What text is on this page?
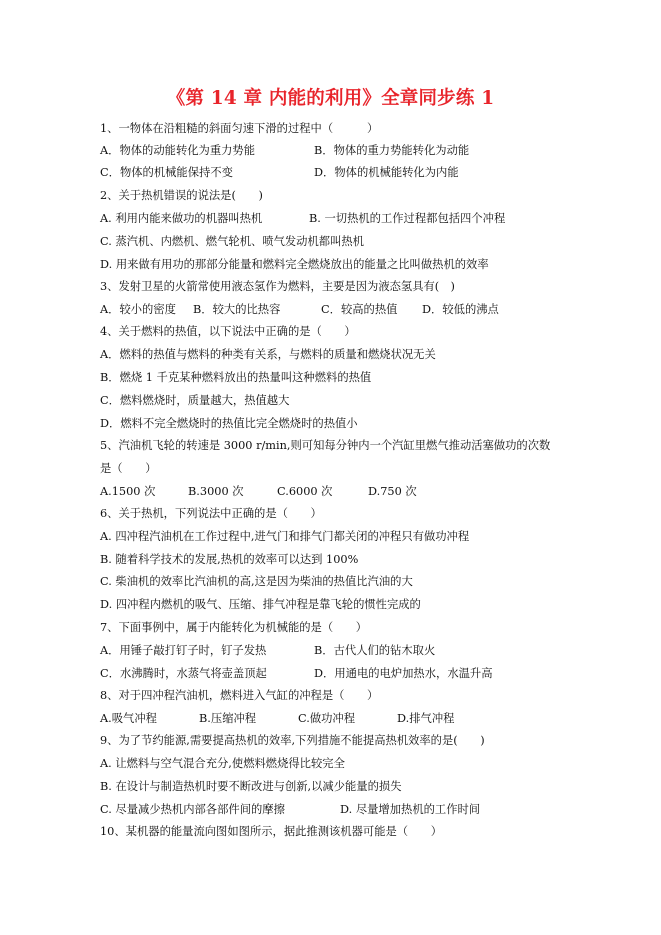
《第 14 章 内能的利用》全章同步练 1
1、一物体在沿粗糙的斜面匀速下滑的过程中（　　　）
A．物体的动能转化为重力势能	B．物体的重力势能转化为动能
C．物体的机械能保持不变	D．物体的机械能转化为内能
2、关于热机错误的说法是(　　)
A. 利用内能来做功的机器叫热机	B. 一切热机的工作过程都包括四个冲程
C. 蒸汽机、内燃机、燃气轮机、喷气发动机都叫热机
D. 用来做有用功的那部分能量和燃料完全燃烧放出的能量之比叫做热机的效率
3、发射卫星的火箭常使用液态氢作为燃料，主要是因为液态氢具有(　)
A．较小的密度 B．较大的比热容	C．较高的热值 D．较低的沸点
4、关于燃料的热值，以下说法中正确的是（　　）
A．燃料的热值与燃料的种类有关系，与燃料的质量和燃烧状况无关
B．燃烧 1 千克某种燃料放出的热量叫这种燃料的热值
C．燃料燃烧时，质量越大，热值越大
D．燃料不完全燃烧时的热值比完全燃烧时的热值小
5、汽油机飞轮的转速是 3000 r/min,则可知每分钟内一个汽缸里燃气推动活塞做功的次数
是（　　）
A.1500 次	B.3000 次	C.6000 次	D.750 次
6、关于热机，下列说法中正确的是（　　）
A. 四冲程汽油机在工作过程中,进气门和排气门都关闭的冲程只有做功冲程
B. 随着科学技术的发展,热机的效率可以达到 100%
C. 柴油机的效率比汽油机的高,这是因为柴油的热值比汽油的大
D. 四冲程内燃机的吸气、压缩、排气冲程是靠飞轮的惯性完成的
7、下面事例中，属于内能转化为机械能的是（　　）
A．用锤子敲打钉子时，钉子发热	B．古代人们的钻木取火
C．水沸腾时，水蒸气将壶盖顶起	D．用通电的电炉加热水，水温升高
8、对于四冲程汽油机，燃料进入气缸的冲程是（　　）
A.吸气冲程	B.压缩冲程	C.做功冲程	D.排气冲程
9、为了节约能源,需要提高热机的效率,下列措施不能提高热机效率的是(　　)
A. 让燃料与空气混合充分,使燃料燃烧得比较完全
B. 在设计与制造热机时要不断改进与创新,以减少能量的损失
C. 尽量减少热机内部各部件间的摩擦	D. 尽量增加热机的工作时间
10、某机器的能量流向图如图所示，据此推测该机器可能是（　　）
